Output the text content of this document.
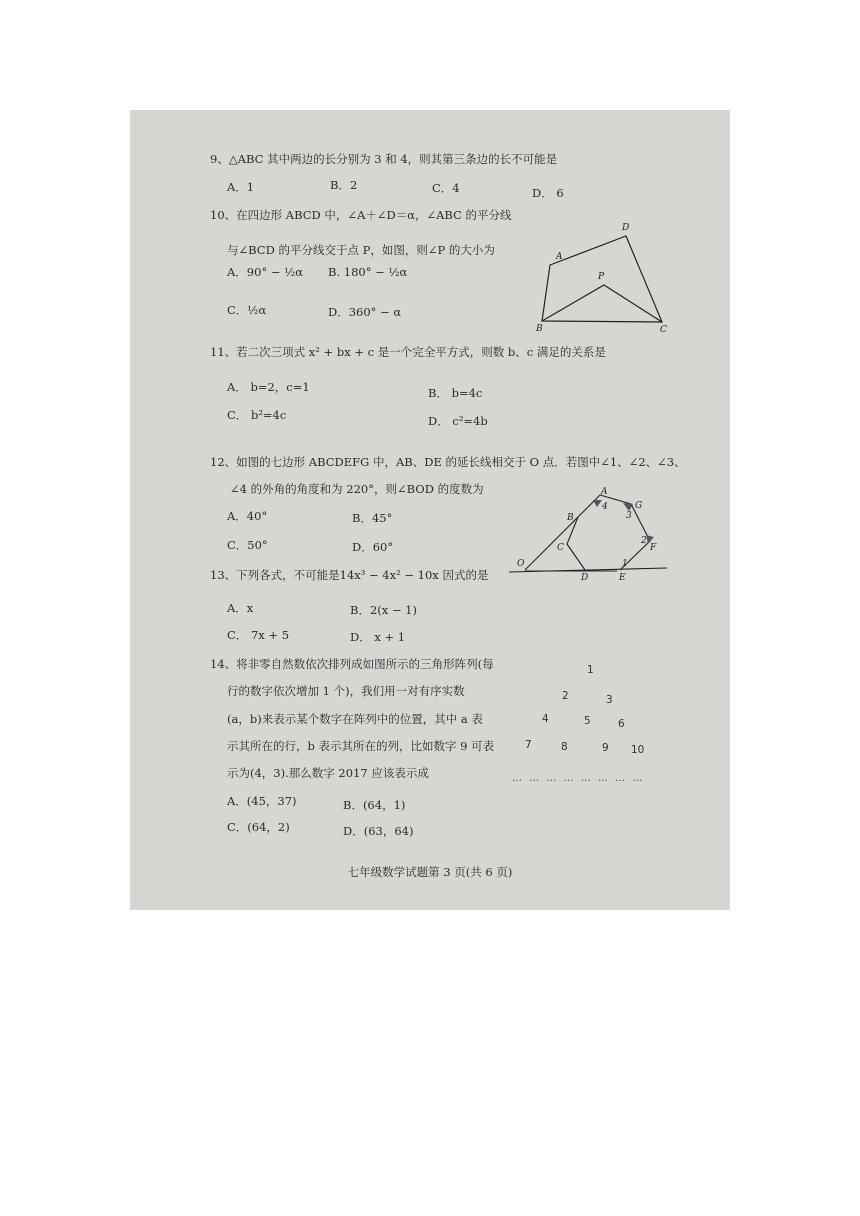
9、△ABC 其中两边的长分别为 3 和 4，则其第三条边的长不可能是
A．1	B．2	C．4	D． 6
10、在四边形 ABCD 中，∠A＋∠D＝α，∠ABC 的平分线
与∠BCD 的平分线交于点 P，如图，则∠P 的大小为
A．90° − ½α B. 180° − ½α
C．½α	D．360° − α
A
B	C
D
P
11、若二次三项式 x² + bx + c 是一个完全平方式，则数 b、c 满足的关系是
A． b=2，c=1	B． b=4c
C． b²=4c	D． c²=4b
12、如图的七边形 ABCDEFG 中，AB、DE 的延长线相交于 O 点．若图中∠1、∠2、∠3、
∠4 的外角的角度和为 220°，则∠BOD 的度数为
A．40°	B．45°
C．50°	D．60°
A
B
C
D	E
F
G
O	1
2
3
4
13、下列各式，不可能是14x³ − 4x² − 10x 因式的是
A．x	B．2(x − 1)
C． 7x + 5	D． x + 1
14、将非零自然数依次排列成如图所示的三角形阵列(每
行的数字依次增加 1 个)，我们用一对有序实数
(a，b)来表示某个数字在阵列中的位置，其中 a 表
示其所在的行，b 表示其所在的列，比如数字 9 可表
示为(4，3).那么数字 2017 应该表示成
A．(45，37)	B．(64，1)
C．(64，2)	D．(63，64)
1
2	3
4	5	6
7	8	9 10
… … … … … … … …
七年级数学试题第 3 页(共 6 页)
